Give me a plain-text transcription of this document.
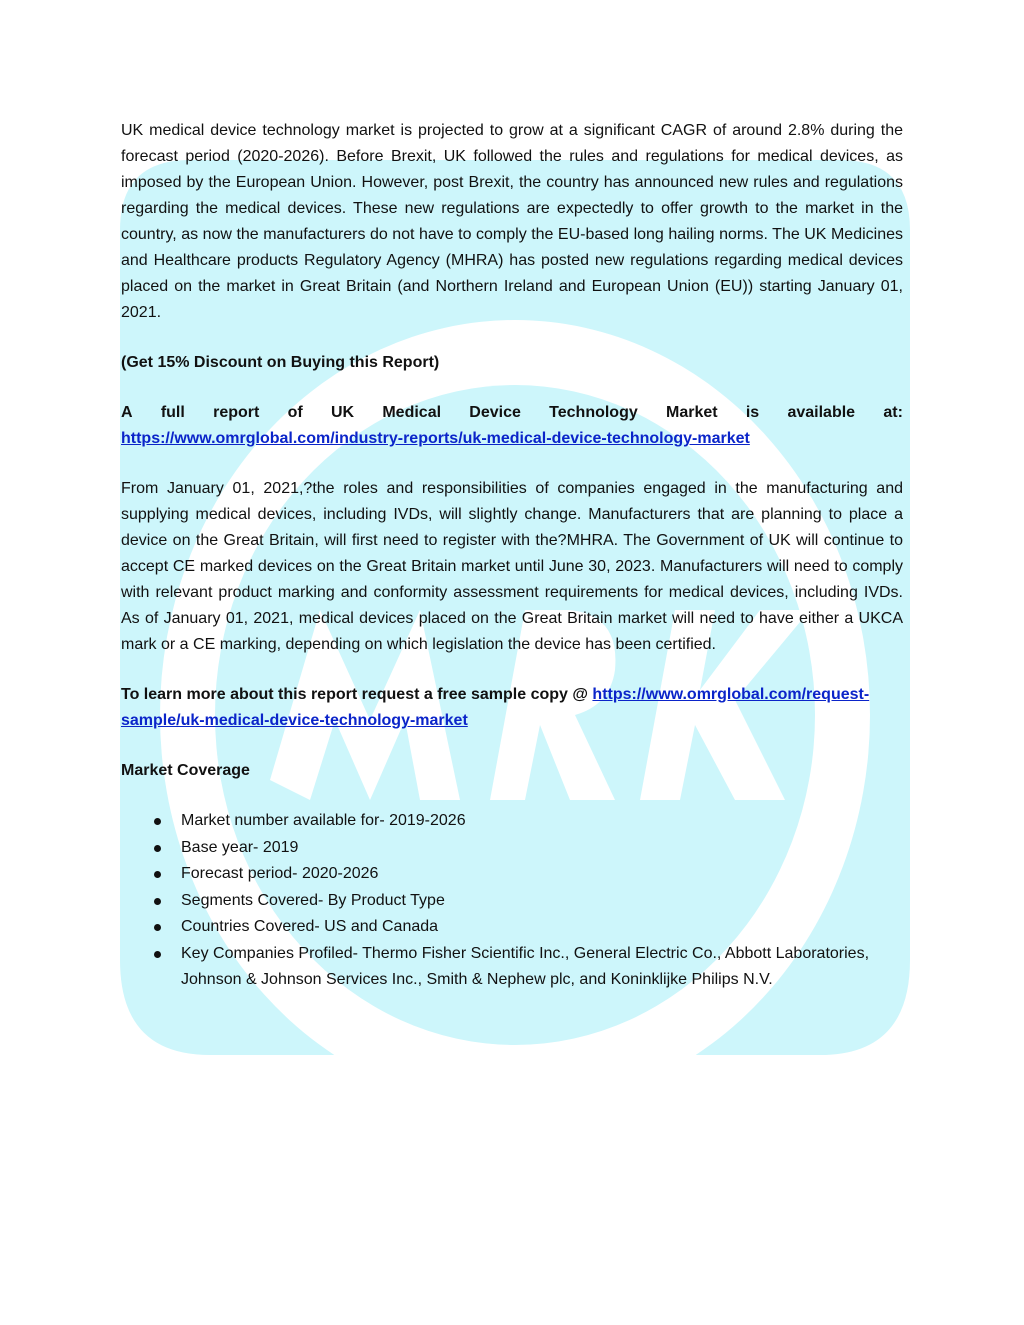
UK medical device technology market is projected to grow at a significant CAGR of around 2.8% during the forecast period (2020-2026). Before Brexit, UK followed the rules and regulations for medical devices, as imposed by the European Union. However, post Brexit, the country has announced new rules and regulations regarding the medical devices. These new regulations are expectedly to offer growth to the market in the country, as now the manufacturers do not have to comply the EU-based long hailing norms. The UK Medicines and Healthcare products Regulatory Agency (MHRA) has posted new regulations regarding medical devices placed on the market in Great Britain (and Northern Ireland and European Union (EU)) starting January 01, 2021.

(Get 15% Discount on Buying this Report)

A full report of UK Medical Device Technology Market is available at:
https://www.omrglobal.com/industry-reports/uk-medical-device-technology-market

From January 01, 2021,?the roles and responsibilities of companies engaged in the manufacturing and supplying medical devices, including IVDs, will slightly change. Manufacturers that are planning to place a device on the Great Britain, will first need to register with the?MHRA. The Government of UK will continue to accept CE marked devices on the Great Britain market until June 30, 2023. Manufacturers will need to comply with relevant product marking and conformity assessment requirements for medical devices, including IVDs. As of January 01, 2021, medical devices placed on the Great Britain market will need to have either a UKCA mark or a CE marking, depending on which legislation the device has been certified.

To learn more about this report request a free sample copy @ https://www.omrglobal.com/request-
sample/uk-medical-device-technology-market

Market Coverage

Market number available for- 2019-2026
Base year- 2019
Forecast period- 2020-2026
Segments Covered- By Product Type
Countries Covered- US and Canada
Key Companies Profiled- Thermo Fisher Scientific Inc., General Electric Co., Abbott Laboratories, Johnson & Johnson Services Inc., Smith & Nephew plc, and Koninklijke Philips N.V.
